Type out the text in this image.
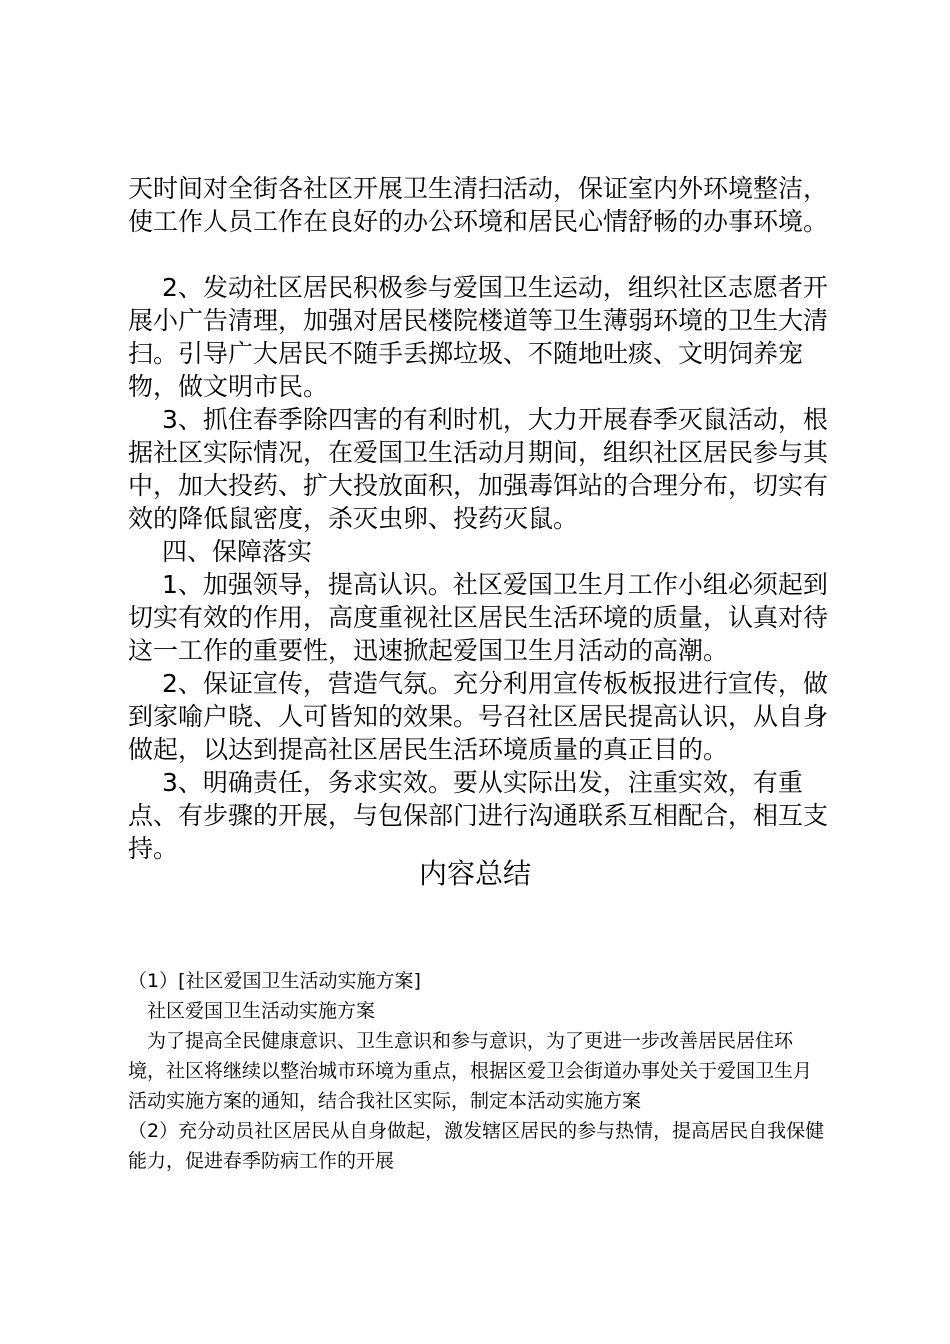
天时间对全街各社区开展卫生清扫活动，保证室内外环境整洁，使工作人员工作在良好的办公环境和居民心情舒畅的办事环境。

2、发动社区居民积极参与爱国卫生运动，组织社区志愿者开展小广告清理，加强对居民楼院楼道等卫生薄弱环境的卫生大清扫。引导广大居民不随手丢掷垃圾、不随地吐痰、文明饲养宠物，做文明市民。

3、抓住春季除四害的有利时机，大力开展春季灭鼠活动，根据社区实际情况，在爱国卫生活动月期间，组织社区居民参与其中，加大投药、扩大投放面积，加强毒饵站的合理分布，切实有效的降低鼠密度，杀灭虫卵、投药灭鼠。

四、保障落实

1、加强领导，提高认识。社区爱国卫生月工作小组必须起到切实有效的作用，高度重视社区居民生活环境的质量，认真对待这一工作的重要性，迅速掀起爱国卫生月活动的高潮。

2、保证宣传，营造气氛。充分利用宣传板板报进行宣传，做到家喻户晓、人可皆知的效果。号召社区居民提高认识，从自身做起，以达到提高社区居民生活环境质量的真正目的。

3、明确责任，务求实效。要从实际出发，注重实效，有重点、有步骤的开展，与包保部门进行沟通联系互相配合，相互支持。

内容总结

（1）[社区爱国卫生活动实施方案]

社区爱国卫生活动实施方案

为了提高全民健康意识、卫生意识和参与意识，为了更进一步改善居民居住环境，社区将继续以整治城市环境为重点，根据区爱卫会街道办事处关于爱国卫生月活动实施方案的通知，结合我社区实际，制定本活动实施方案

（2）充分动员社区居民从自身做起，激发辖区居民的参与热情，提高居民自我保健能力，促进春季防病工作的开展
